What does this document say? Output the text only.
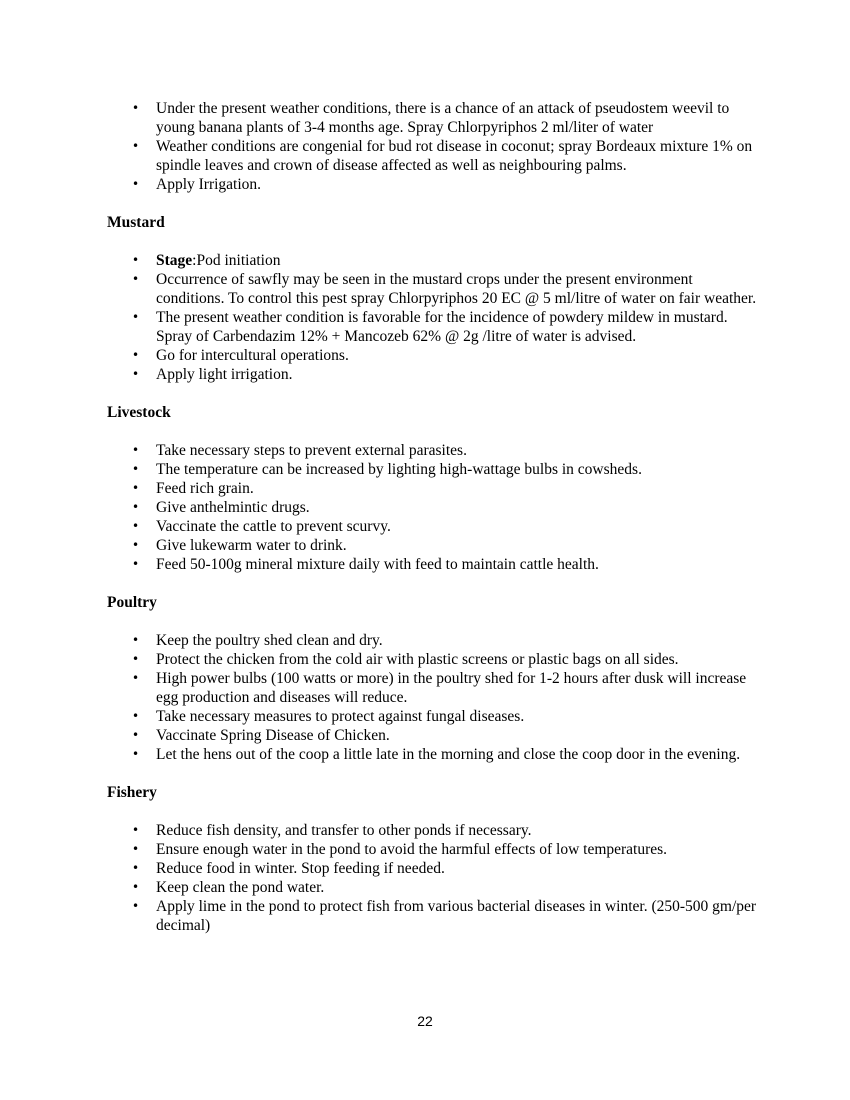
• Under the present weather conditions, there is a chance of an attack of pseudostem weevil to young banana plants of 3-4 months age. Spray Chlorpyriphos 2 ml/liter of water
• Weather conditions are congenial for bud rot disease in coconut; spray Bordeaux mixture 1% on spindle leaves and crown of disease affected as well as neighbouring palms.
• Apply Irrigation.
Mustard
• Stage:Pod initiation
• Occurrence of sawfly may be seen in the mustard crops under the present environment conditions. To control this pest spray Chlorpyriphos 20 EC @ 5 ml/litre of water on fair weather.
• The present weather condition is favorable for the incidence of powdery mildew in mustard. Spray of Carbendazim 12% + Mancozeb 62% @ 2g /litre of water is advised.
• Go for intercultural operations.
• Apply light irrigation.
Livestock
• Take necessary steps to prevent external parasites.
• The temperature can be increased by lighting high-wattage bulbs in cowsheds.
• Feed rich grain.
• Give anthelmintic drugs.
• Vaccinate the cattle to prevent scurvy.
• Give lukewarm water to drink.
• Feed 50-100g mineral mixture daily with feed to maintain cattle health.
Poultry
• Keep the poultry shed clean and dry.
• Protect the chicken from the cold air with plastic screens or plastic bags on all sides.
• High power bulbs (100 watts or more) in the poultry shed for 1-2 hours after dusk will increase egg production and diseases will reduce.
• Take necessary measures to protect against fungal diseases.
• Vaccinate Spring Disease of Chicken.
• Let the hens out of the coop a little late in the morning and close the coop door in the evening.
Fishery
• Reduce fish density, and transfer to other ponds if necessary.
• Ensure enough water in the pond to avoid the harmful effects of low temperatures.
• Reduce food in winter. Stop feeding if needed.
• Keep clean the pond water.
• Apply lime in the pond to protect fish from various bacterial diseases in winter. (250-500 gm/per decimal)
22
